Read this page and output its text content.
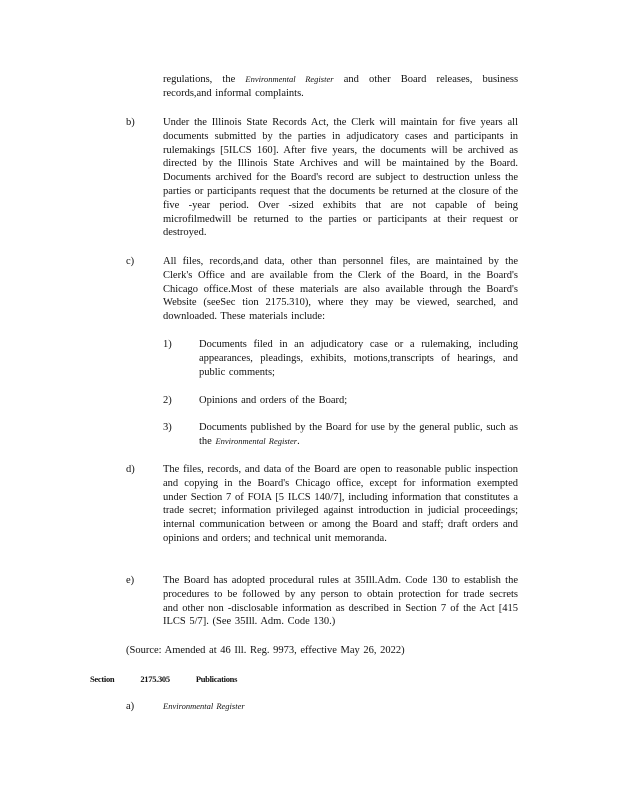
regulations, the Environmental Register and other Board releases, business records,and informal complaints.
b)	Under the Illinois State Records Act, the Clerk will maintain for five years all documents submitted by the parties in adjudicatory cases and participants in rulemakings [5ILCS 160]. After five years, the documents will be archived as directed by the Illinois State Archives and will be maintained by the Board. Documents archived for the Board's record are subject to destruction unless the parties or participants request that the documents be returned at the closure of the five -year period. Over -sized exhibits that are not capable of being microfilmedwill be returned to the parties or participants at their request or destroyed.
c)	All files, records,and data, other than personnel files, are maintained by the Clerk's Office and are available from the Clerk of the Board, in the Board's Chicago office.Most of these materials are also available through the Board's Website (seeSec tion 2175.310), where they may be viewed, searched, and downloaded. These materials include:
1)	Documents filed in an adjudicatory case or a rulemaking, including appearances, pleadings, exhibits, motions,transcripts of hearings, and public comments;
2)	Opinions and orders of the Board;
3)	Documents published by the Board for use by the general public, such as the Environmental Register.
d)	The files, records, and data of the Board are open to reasonable public inspection and copying in the Board's Chicago office, except for information exempted under Section 7 of FOIA [5 ILCS 140/7], including information that constitutes a trade secret; information privileged against introduction in judicial proceedings; internal communication between or among the Board and staff; draft orders and opinions and orders; and technical unit memoranda.
e)	The Board has adopted procedural rules at 35Ill.Adm. Code 130 to establish the procedures to be followed by any person to obtain protection for trade secrets and other non -disclosable information as described in Section 7 of the Act [415 ILCS 5/7]. (See 35Ill. Adm. Code 130.)
(Source: Amended at 46 Ill. Reg. 9973, effective May 26, 2022)
Section	2175.305	Publications
a)	Environmental Register
